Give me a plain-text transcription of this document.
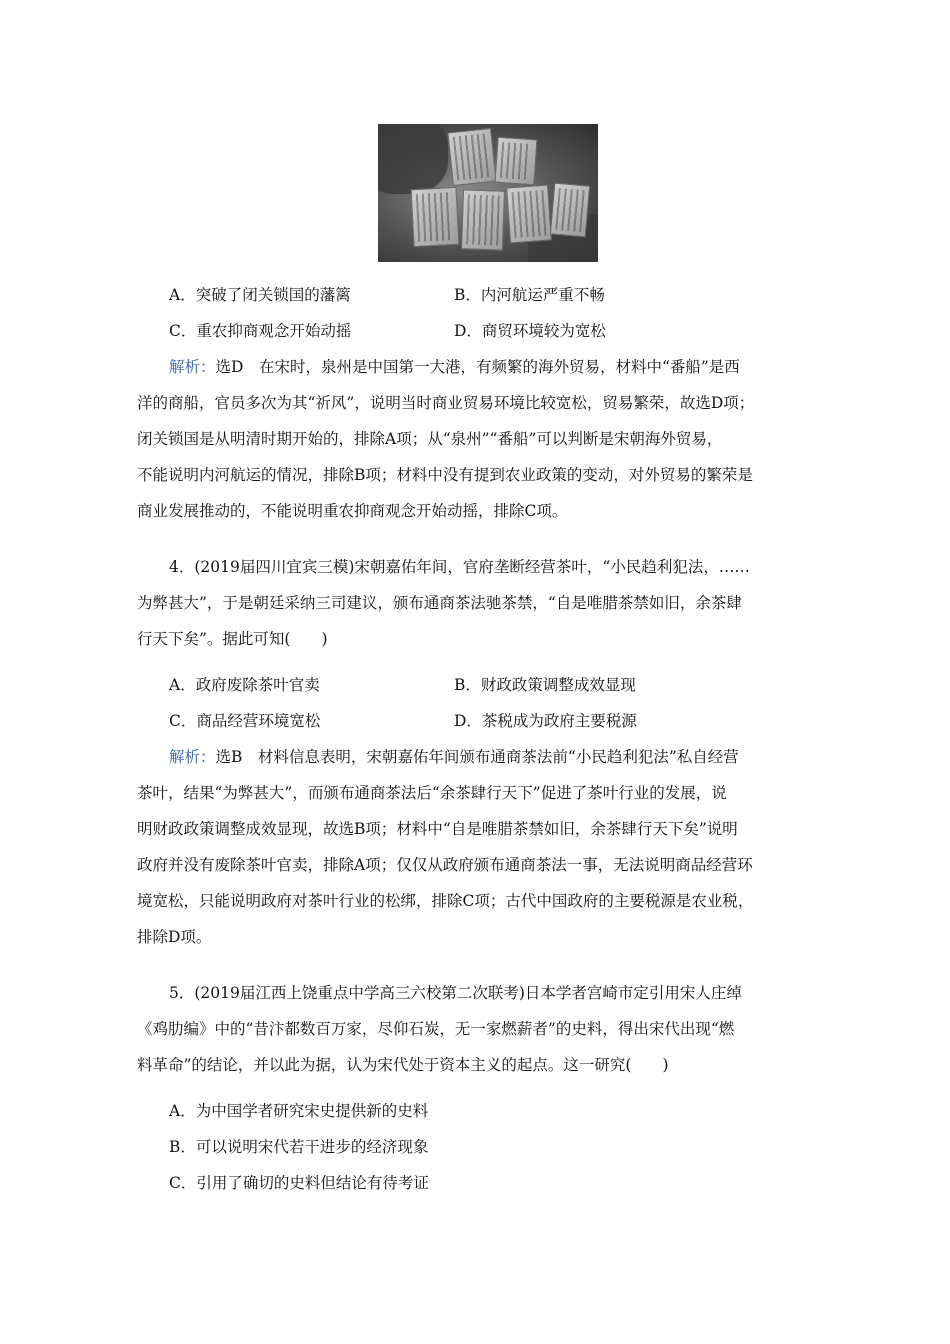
A．突破了闭关锁国的藩篱	B．内河航运严重不畅
C．重农抑商观念开始动摇	D．商贸环境较为宽松
解析：选D　在宋时，泉州是中国第一大港，有频繁的海外贸易，材料中“番船”是西
洋的商船，官员多次为其“祈风”，说明当时商业贸易环境比较宽松，贸易繁荣，故选D项；
闭关锁国是从明清时期开始的，排除A项；从“泉州”“番船”可以判断是宋朝海外贸易，
不能说明内河航运的情况，排除B项；材料中没有提到农业政策的变动，对外贸易的繁荣是
商业发展推动的，不能说明重农抑商观念开始动摇，排除C项。
4．(2019届四川宜宾三模)宋朝嘉佑年间，官府垄断经营茶叶，“小民趋利犯法，……
为弊甚大”，于是朝廷采纳三司建议，颁布通商茶法驰茶禁，“自是唯腊茶禁如旧，余茶肆
行天下矣”。据此可知(　　)
A．政府废除茶叶官卖	B．财政政策调整成效显现
C．商品经营环境宽松	D．茶税成为政府主要税源
解析：选B　材料信息表明，宋朝嘉佑年间颁布通商茶法前“小民趋利犯法”私自经营
茶叶，结果“为弊甚大”，而颁布通商茶法后“余茶肆行天下”促进了茶叶行业的发展，说
明财政政策调整成效显现，故选B项；材料中“自是唯腊茶禁如旧，余茶肆行天下矣”说明
政府并没有废除茶叶官卖，排除A项；仅仅从政府颁布通商茶法一事，无法说明商品经营环
境宽松，只能说明政府对茶叶行业的松绑，排除C项；古代中国政府的主要税源是农业税，
排除D项。
5．(2019届江西上饶重点中学高三六校第二次联考)日本学者宫崎市定引用宋人庄绰
《鸡肋编》中的“昔汴都数百万家，尽仰石炭，无一家燃薪者”的史料，得出宋代出现“燃
料革命”的结论，并以此为据，认为宋代处于资本主义的起点。这一研究(　　)
A．为中国学者研究宋史提供新的史料
B．可以说明宋代若干进步的经济现象
C．引用了确切的史料但结论有待考证
